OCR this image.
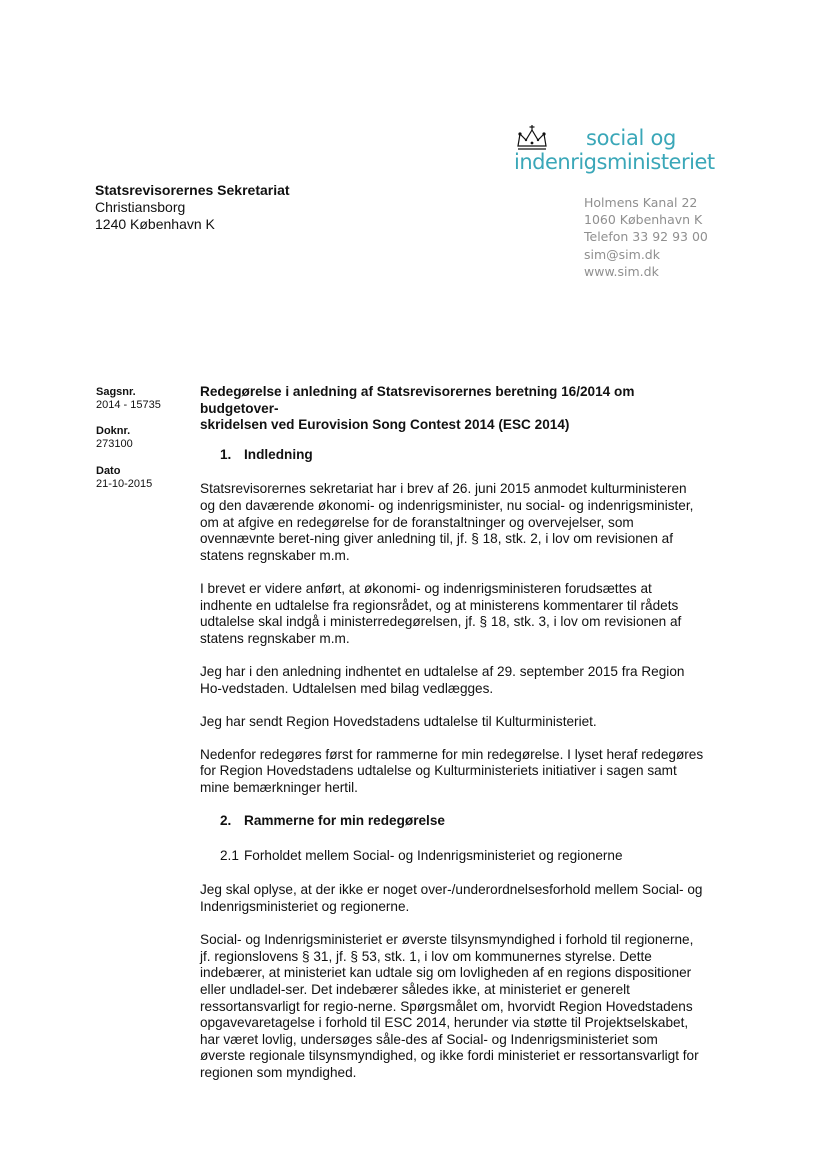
social og
indenrigsministeriet
Holmens Kanal 22
1060 København K
Telefon 33 92 93 00
sim@sim.dk
www.sim.dk
Statsrevisorernes Sekretariat
Christiansborg
1240 København K
Sagsnr.
2014 - 15735
Doknr.
273100
Dato
21-10-2015
Redegørelse i anledning af Statsrevisorernes beretning 16/2014 om budgetover-
skridelsen ved Eurovision Song Contest 2014 (ESC 2014)
1. Indledning

Statsrevisorernes sekretariat har i brev af 26. juni 2015 anmodet kulturministeren og den daværende økonomi- og indenrigsminister, nu social- og indenrigsminister, om at afgive en redegørelse for de foranstaltninger og overvejelser, som ovennævnte beret-ning giver anledning til, jf. § 18, stk. 2, i lov om revisionen af statens regnskaber m.m.

I brevet er videre anført, at økonomi- og indenrigsministeren forudsættes at indhente en udtalelse fra regionsrådet, og at ministerens kommentarer til rådets udtalelse skal indgå i ministerredegørelsen, jf. § 18, stk. 3, i lov om revisionen af statens regnskaber m.m.

Jeg har i den anledning indhentet en udtalelse af 29. september 2015 fra Region Ho-vedstaden. Udtalelsen med bilag vedlægges.

Jeg har sendt Region Hovedstadens udtalelse til Kulturministeriet.

Nedenfor redegøres først for rammerne for min redegørelse. I lyset heraf redegøres for Region Hovedstadens udtalelse og Kulturministeriets initiativer i sagen samt mine bemærkninger hertil.

2. Rammerne for min redegørelse
2.1 Forholdet mellem Social- og Indenrigsministeriet og regionerne

Jeg skal oplyse, at der ikke er noget over-/underordnelsesforhold mellem Social- og Indenrigsministeriet og regionerne.

Social- og Indenrigsministeriet er øverste tilsynsmyndighed i forhold til regionerne, jf. regionslovens § 31, jf. § 53, stk. 1, i lov om kommunernes styrelse. Dette indebærer, at ministeriet kan udtale sig om lovligheden af en regions dispositioner eller undladel-ser. Det indebærer således ikke, at ministeriet er generelt ressortansvarligt for regio-nerne. Spørgsmålet om, hvorvidt Region Hovedstadens opgavevaretagelse i forhold til ESC 2014, herunder via støtte til Projektselskabet, har været lovlig, undersøges såle-des af Social- og Indenrigsministeriet som øverste regionale tilsynsmyndighed, og ikke fordi ministeriet er ressortansvarligt for regionen som myndighed.
